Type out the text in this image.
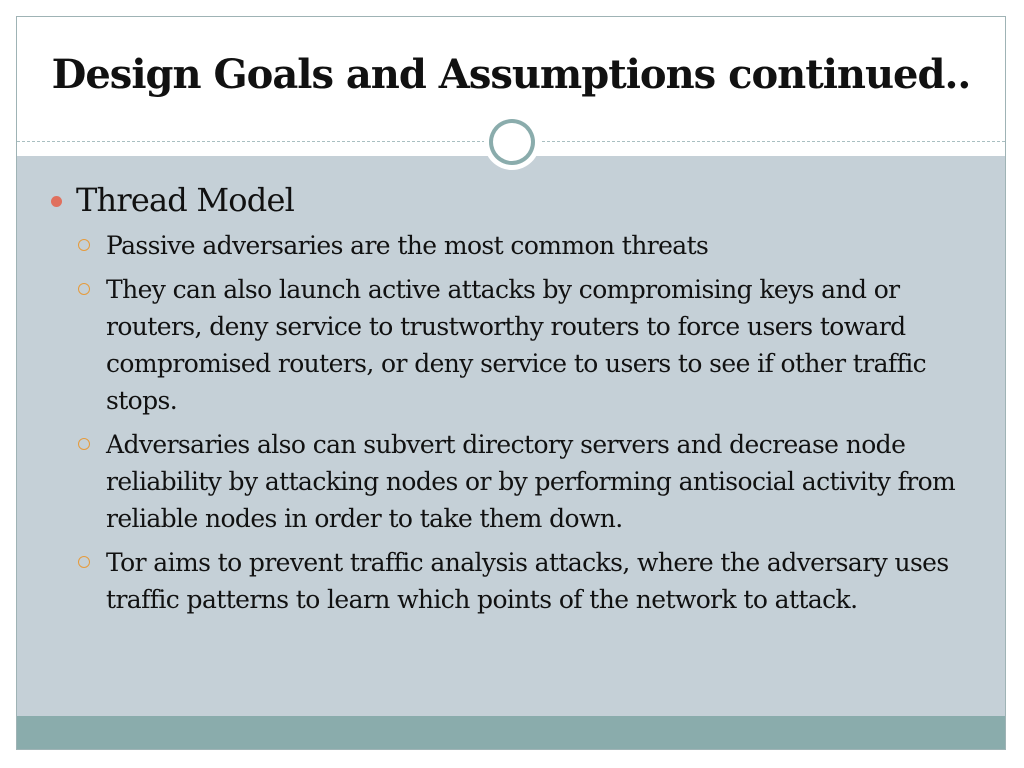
Design Goals and Assumptions continued..
Thread Model
Passive adversaries are the most common threats
They can also launch active attacks by compromising keys and or routers, deny service to trustworthy routers to force users toward compromised routers, or deny service to users to see if other traffic stops.
Adversaries also can subvert directory servers and decrease node reliability by attacking nodes or by performing antisocial activity from reliable nodes in order to take them down.
Tor aims to prevent traffic analysis attacks, where the adversary uses traffic patterns to learn which points of the network to attack.
